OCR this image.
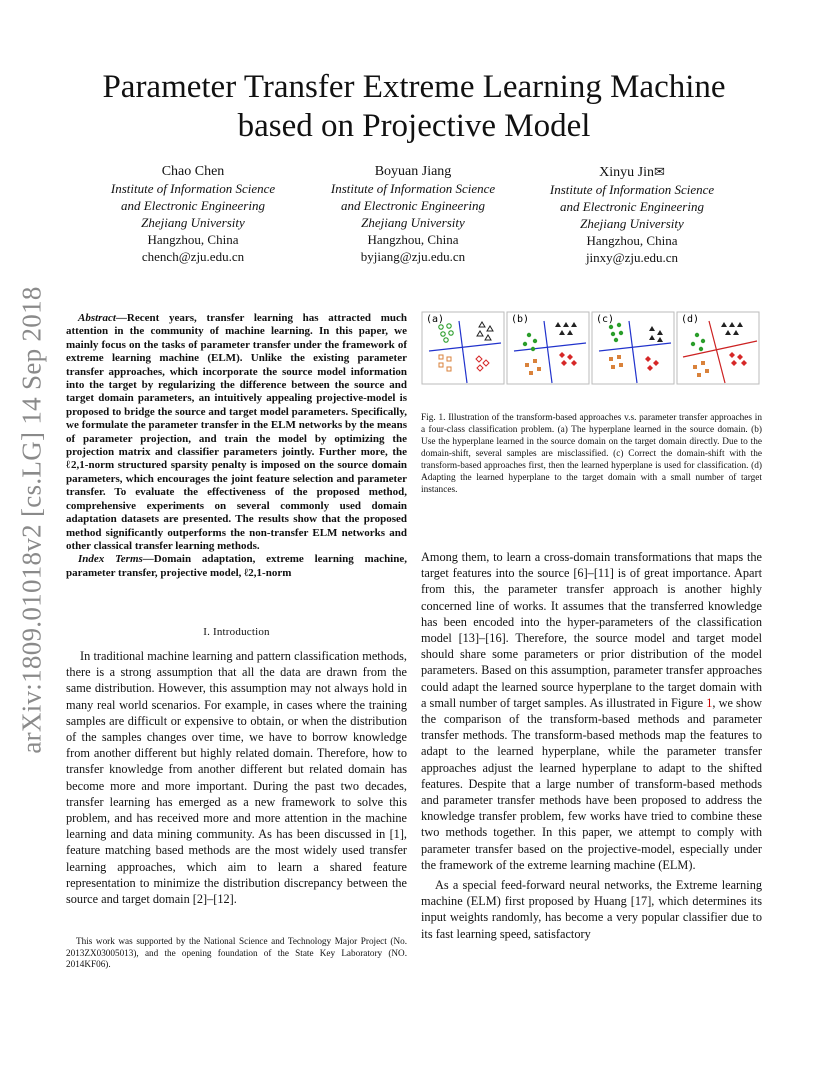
arXiv:1809.01018v2 [cs.LG] 14 Sep 2018
Parameter Transfer Extreme Learning Machine
based on Projective Model
Chao Chen
Institute of Information Science
and Electronic Engineering
Zhejiang University
Hangzhou, China
chench@zju.edu.cn
Boyuan Jiang
Institute of Information Science
and Electronic Engineering
Zhejiang University
Hangzhou, China
byjiang@zju.edu.cn
Xinyu Jin✉
Institute of Information Science
and Electronic Engineering
Zhejiang University
Hangzhou, China
jinxy@zju.edu.cn

Abstract—Recent years, transfer learning has attracted much attention in the community of machine learning. In this paper, we mainly focus on the tasks of parameter transfer under the framework of extreme learning machine (ELM). Unlike the existing parameter transfer approaches, which incorporate the source model information into the target by regularizing the difference between the source and target domain parameters, an intuitively appealing projective-model is proposed to bridge the source and target model parameters. Specifically, we formulate the parameter transfer in the ELM networks by the means of parameter projection, and train the model by optimizing the projection matrix and classifier parameters jointly. Further more, the ℓ2,1-norm structured sparsity penalty is imposed on the source domain parameters, which encourages the joint feature selection and parameter transfer. To evaluate the effectiveness of the proposed method, comprehensive experiments on several commonly used domain adaptation datasets are presented. The results show that the proposed method significantly outperforms the non-transfer ELM networks and other classical transfer learning methods.

Index Terms—Domain adaptation, extreme learning machine, parameter transfer, projective model, ℓ2,1-norm

I. Introduction

In traditional machine learning and pattern classification methods, there is a strong assumption that all the data are drawn from the same distribution. However, this assumption may not always hold in many real world scenarios. For example, in cases where the training samples are difficult or expensive to obtain, or when the distribution of the samples changes over time, we have to borrow knowledge from another different but highly related domain. Therefore, how to transfer knowledge from another different but related domain has become more and more important. During the past two decades, transfer learning has emerged as a new framework to solve this problem, and has received more and more attention in the machine learning and data mining community. As has been discussed in [1], feature matching based methods are the most widely used transfer learning approaches, which aim to learn a shared feature representation to minimize the distribution discrepancy between the source and target domain [2]–[12].

This work was supported by the National Science and Technology Major Project (No. 2013ZX03005013), and the opening foundation of the State Key Laboratory (NO. 2014KF06).

(a)	(b)	(c)	(d)
Fig. 1. Illustration of the transform-based approaches v.s. parameter transfer approaches in a four-class classification problem. (a) The hyperplane learned in the source domain. (b) Use the hyperplane learned in the source domain on the target domain directly. Due to the domain-shift, several samples are misclassified. (c) Correct the domain-shift with the transform-based approaches first, then the learned hyperplane is used for classification. (d) Adapting the learned hyperplane to the target domain with a small number of target instances.

Among them, to learn a cross-domain transformations that maps the target features into the source [6]–[11] is of great importance. Apart from this, the parameter transfer approach is another highly concerned line of works. It assumes that the transferred knowledge has been encoded into the hyper-parameters of the classification model [13]–[16]. Therefore, the source model and target model should share some parameters or prior distribution of the model parameters. Based on this assumption, parameter transfer approaches could adapt the learned source hyperplane to the target domain with a small number of target samples. As illustrated in Figure 1, we show the comparison of the transform-based methods and parameter transfer methods. The transform-based methods map the features to adapt to the learned hyperplane, while the parameter transfer approaches adjust the learned hyperplane to adapt to the shifted features. Despite that a large number of transform-based methods and parameter transfer methods have been proposed to address the knowledge transfer problem, few works have tried to combine these two methods together. In this paper, we attempt to comply with parameter transfer based on the projective-model, especially under the framework of the extreme learning machine (ELM).

As a special feed-forward neural networks, the Extreme learning machine (ELM) first proposed by Huang [17], which determines its input weights randomly, has become a very popular classifier due to its fast learning speed, satisfactory
